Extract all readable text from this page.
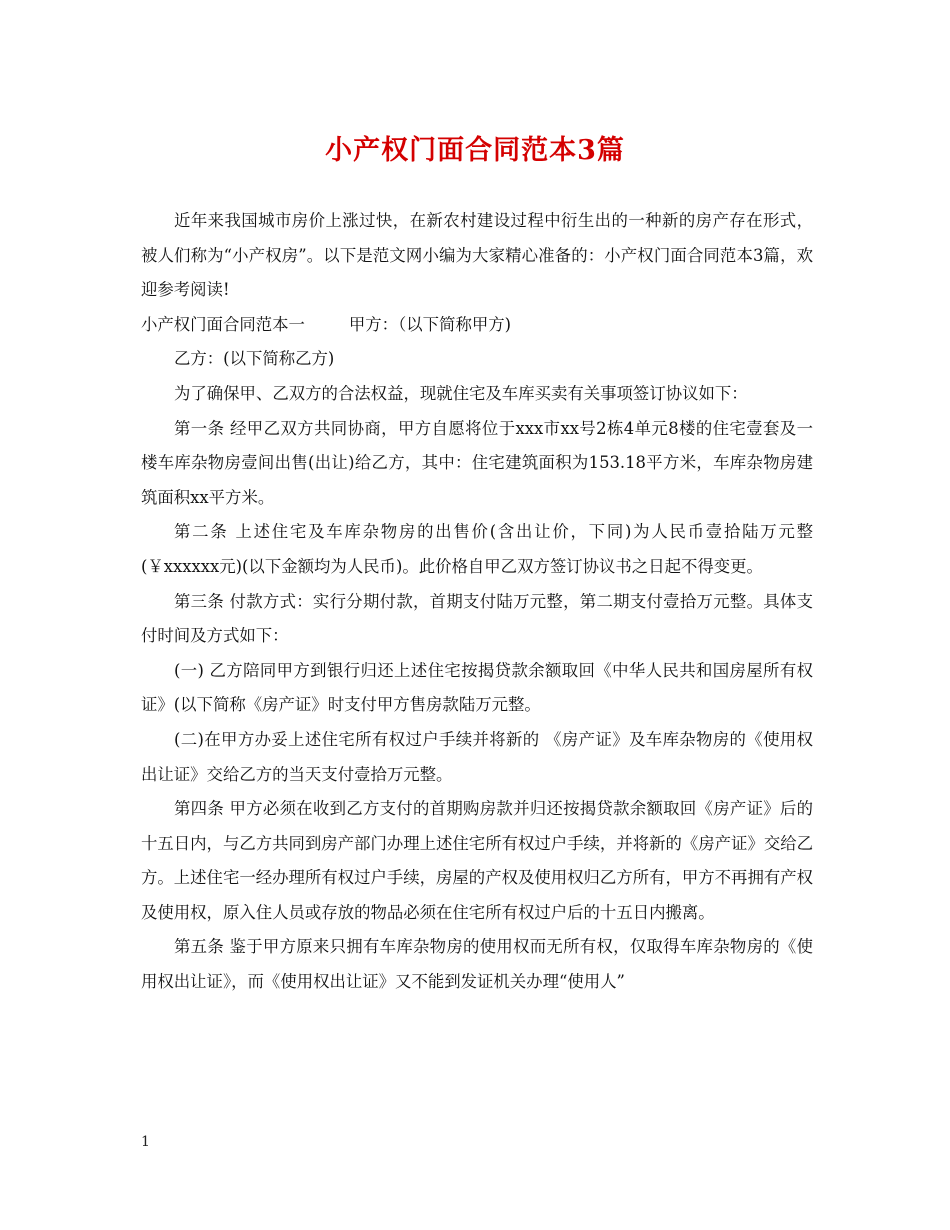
小产权门面合同范本3篇

近年来我国城市房价上涨过快，在新农村建设过程中衍生出的一种新的房产存在形式，被人们称为“小产权房”。以下是范文网小编为大家精心准备的：小产权门面合同范本3篇，欢迎参考阅读!

小产权门面合同范本一	甲方：（以下简称甲方)

乙方：(以下简称乙方)

为了确保甲、乙双方的合法权益，现就住宅及车库买卖有关事项签订协议如下：

第一条 经甲乙双方共同协商，甲方自愿将位于xxx市xx号2栋4单元8楼的住宅壹套及一楼车库杂物房壹间出售(出让)给乙方，其中：住宅建筑面积为153.18平方米，车库杂物房建筑面积xx平方米。

第二条 上述住宅及车库杂物房的出售价(含出让价，下同)为人民币壹拾陆万元整(￥xxxxxx元)(以下金额均为人民币)。此价格自甲乙双方签订协议书之日起不得变更。

第三条 付款方式：实行分期付款，首期支付陆万元整，第二期支付壹拾万元整。具体支付时间及方式如下：

(一) 乙方陪同甲方到银行归还上述住宅按揭贷款余额取回《中华人民共和国房屋所有权证》(以下简称《房产证》时支付甲方售房款陆万元整。

(二)在甲方办妥上述住宅所有权过户手续并将新的 《房产证》及车库杂物房的《使用权出让证》交给乙方的当天支付壹拾万元整。

第四条 甲方必须在收到乙方支付的首期购房款并归还按揭贷款余额取回《房产证》后的十五日内，与乙方共同到房产部门办理上述住宅所有权过户手续，并将新的《房产证》交给乙方。上述住宅一经办理所有权过户手续，房屋的产权及使用权归乙方所有，甲方不再拥有产权及使用权，原入住人员或存放的物品必须在住宅所有权过户后的十五日内搬离。

第五条 鉴于甲方原来只拥有车库杂物房的使用权而无所有权，仅取得车库杂物房的《使用权出让证》，而《使用权出让证》又不能到发证机关办理“使用人”

1
